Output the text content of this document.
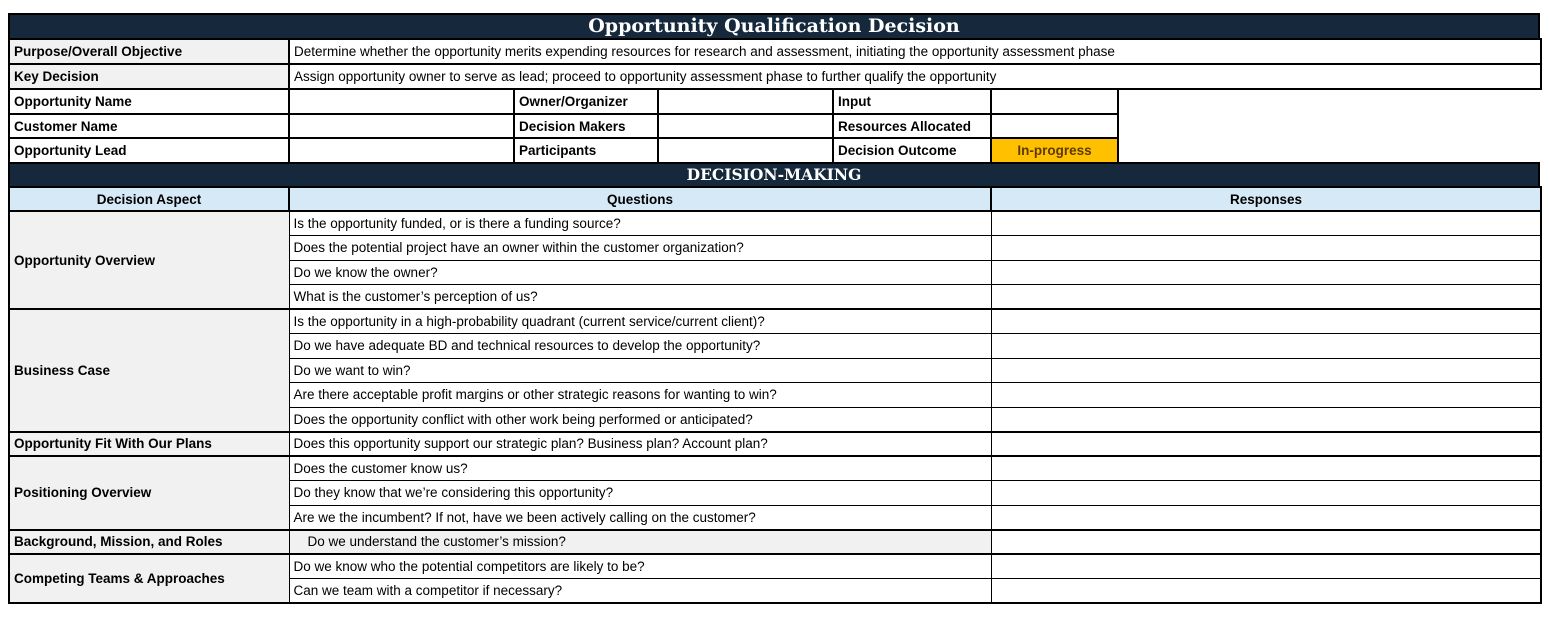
Opportunity Qualification Decision
Purpose/Overall Objective	Determine whether the opportunity merits expending resources for research and assessment, initiating the opportunity assessment phase
Key Decision	Assign opportunity owner to serve as lead; proceed to opportunity assessment phase to further qualify the opportunity
Opportunity Name		Owner/Organizer		Input	
Customer Name		Decision Makers		Resources Allocated	
Opportunity Lead		Participants		Decision Outcome	In-progress
DECISION-MAKING
Decision Aspect	Questions	Responses
Opportunity Overview	Is the opportunity funded, or is there a funding source?	
	Does the potential project have an owner within the customer organization?	
	Do we know the owner?	
	What is the customer’s perception of us?	
Business Case	Is the opportunity in a high-probability quadrant (current service/current client)?	
	Do we have adequate BD and technical resources to develop the opportunity?	
	Do we want to win?	
	Are there acceptable profit margins or other strategic reasons for wanting to win?	
	Does the opportunity conflict with other work being performed or anticipated?	
Opportunity Fit With Our Plans	Does this opportunity support our strategic plan? Business plan? Account plan?	
Positioning Overview	Does the customer know us?	
	Do they know that we’re considering this opportunity?	
	Are we the incumbent? If not, have we been actively calling on the customer?	
Background, Mission, and Roles	Do we understand the customer’s mission?	
Competing Teams & Approaches	Do we know who the potential competitors are likely to be?	
	Can we team with a competitor if necessary?	
